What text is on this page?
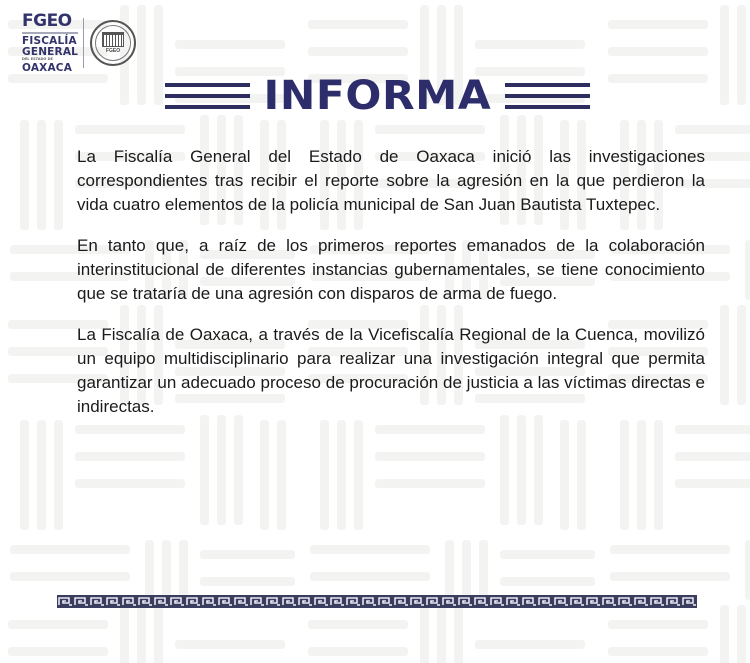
FGEO
FISCALÍA
GENERAL
DEL ESTADO DE
OAXACA
FGEO
INFORMA

La Fiscalía General del Estado de Oaxaca inició las investigaciones correspondientes tras recibir el reporte sobre la agresión en la que perdieron la vida cuatro elementos de la policía municipal de San Juan Bautista Tuxtepec.

En tanto que, a raíz de los primeros reportes emanados de la colaboración interinstitucional de diferentes instancias gubernamentales, se tiene conocimiento que se trataría de una agresión con disparos de arma de fuego.

La Fiscalía de Oaxaca, a través de la Vicefiscalía Regional de la Cuenca, movilizó un equipo multidisciplinario para realizar una investigación integral que permita garantizar un adecuado proceso de procuración de justicia a las víctimas directas e indirectas.
